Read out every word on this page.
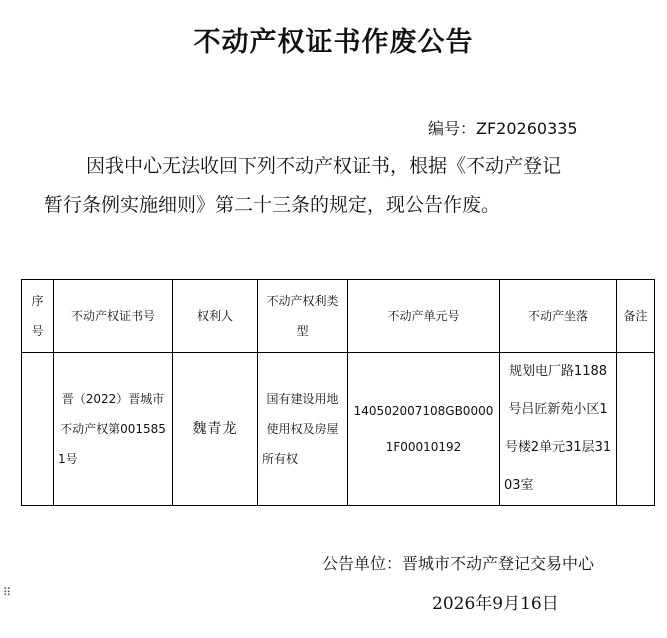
不动产权证书作废公告
编号：ZF20260335
因我中心无法收回下列不动产权证书，根据《不动产登记
暂行条例实施细则》第二十三条的规定，现公告作废。
序号	不动产权证书号	权利人	不动产权利类型	不动产单元号	不动产坐落	备注
	晋（2022）晋城市不动产权第0015851号	魏青龙	国有建设用地使用权及房屋所有权	140502007108GB00001F00010192	规划电厂路1188号吕匠新苑小区1号楼2单元31层3103室	
公告单位：晋城市不动产登记交易中心
2026年9月16日
⠿
